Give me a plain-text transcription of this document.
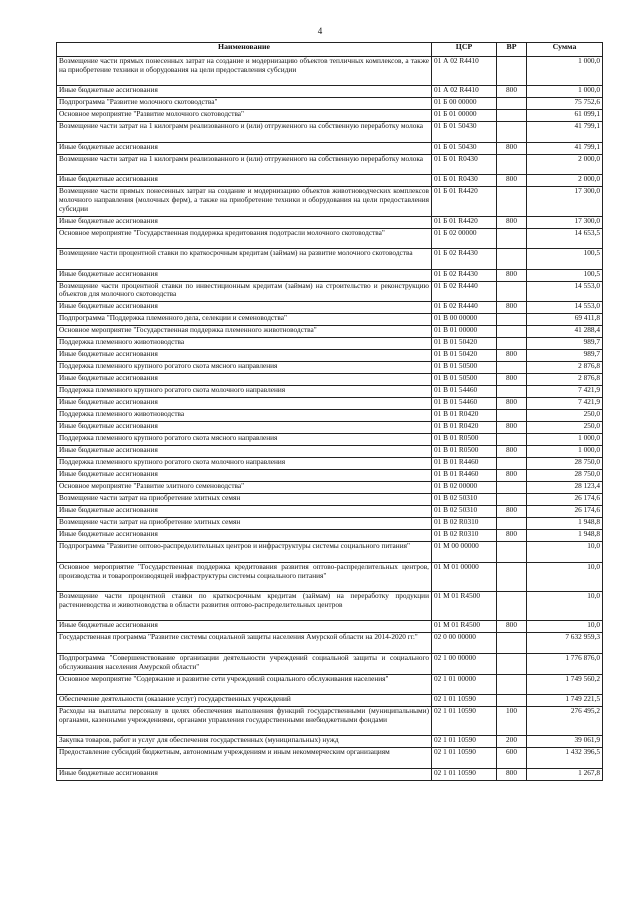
4
Наименование	ЦСР	ВР	Сумма
Возмещение части прямых понесенных затрат на создание и модернизацию объектов тепличных комплексов, а также на приобретение техники и оборудования на цели предоставления субсидии	01 А 02 R4410		1 000,0
Иные бюджетные ассигнования	01 А 02 R4410	800	1 000,0
Подпрограмма "Развитие молочного скотоводства"	01 Б 00 00000		75 752,6
Основное мероприятие "Развитие молочного скотоводства"	01 Б 01 00000		61 099,1
Возмещение части затрат на 1 килограмм реализованного и (или) отгруженного на собственную переработку молока	01 Б 01 50430		41 799,1
Иные бюджетные ассигнования	01 Б 01 50430	800	41 799,1
Возмещение части затрат на 1 килограмм реализованного и (или) отгруженного на собственную переработку молока	01 Б 01 R0430		2 000,0
Иные бюджетные ассигнования	01 Б 01 R0430	800	2 000,0
Возмещение части прямых понесенных затрат на создание и модернизацию объектов животноводческих комплексов молочного направления (молочных ферм), а также на приобретение техники и оборудования на цели предоставления субсидии	01 Б 01 R4420		17 300,0
Иные бюджетные ассигнования	01 Б 01 R4420	800	17 300,0
Основное мероприятие "Государственная поддержка кредитования подотрасли молочного скотоводства"	01 Б 02 00000		14 653,5
Возмещение части процентной ставки по краткосрочным кредитам (займам) на развитие молочного скотоводства	01 Б 02 R4430		100,5
Иные бюджетные ассигнования	01 Б 02 R4430	800	100,5
Возмещение части процентной ставки по инвестиционным кредитам (займам) на строительство и реконструкцию объектов для молочного скотоводства	01 Б 02 R4440		14 553,0
Иные бюджетные ассигнования	01 Б 02 R4440	800	14 553,0
Подпрограмма "Поддержка племенного дела, селекции и семеноводства"	01 В 00 00000		69 411,8
Основное мероприятие "Государственная поддержка племенного животноводства"	01 В 01 00000		41 288,4
Поддержка племенного животноводства	01 В 01 50420		989,7
Иные бюджетные ассигнования	01 В 01 50420	800	989,7
Поддержка племенного крупного рогатого скота мясного направления	01 В 01 50500		2 876,8
Иные бюджетные ассигнования	01 В 01 50500	800	2 876,8
Поддержка племенного крупного рогатого скота молочного направления	01 В 01 54460		7 421,9
Иные бюджетные ассигнования	01 В 01 54460	800	7 421,9
Поддержка племенного животноводства	01 В 01 R0420		250,0
Иные бюджетные ассигнования	01 В 01 R0420	800	250,0
Поддержка племенного крупного рогатого скота мясного направления	01 В 01 R0500		1 000,0
Иные бюджетные ассигнования	01 В 01 R0500	800	1 000,0
Поддержка племенного крупного рогатого скота молочного направления	01 В 01 R4460		28 750,0
Иные бюджетные ассигнования	01 В 01 R4460	800	28 750,0
Основное мероприятие "Развитие элитного семеноводства"	01 В 02 00000		28 123,4
Возмещение части затрат на приобретение элитных семян	01 В 02 50310		26 174,6
Иные бюджетные ассигнования	01 В 02 50310	800	26 174,6
Возмещение части затрат на приобретение элитных семян	01 В 02 R0310		1 948,8
Иные бюджетные ассигнования	01 В 02 R0310	800	1 948,8
Подпрограмма "Развитие оптово-распределительных центров и инфраструктуры системы социального питания"	01 М 00 00000		10,0
Основное мероприятие "Государственная поддержка кредитования развития оптово-распределительных центров, производства и товаропроизводящей инфраструктуры системы социального питания"	01 М 01 00000		10,0
Возмещение части процентной ставки по краткосрочным кредитам (займам) на переработку продукции растениеводства и животноводства в области развития оптово-распределительных центров	01 М 01 R4500		10,0
Иные бюджетные ассигнования	01 М 01 R4500	800	10,0
Государственная программа "Развитие системы социальной защиты населения Амурской области на 2014-2020 гг."	02 0 00 00000		7 632 959,3
Подпрограмма "Совершенствование организации деятельности учреждений социальной защиты и социального обслуживания населения Амурской области"	02 1 00 00000		1 776 876,0
Основное мероприятие "Содержание и развитие сети учреждений социального обслуживания населения"	02 1 01 00000		1 749 560,2
Обеспечение деятельности (оказание услуг) государственных учреждений	02 1 01 10590		1 749 221,5
Расходы на выплаты персоналу в целях обеспечения выполнения функций государственными (муниципальными) органами, казенными учреждениями, органами управления государственными внебюджетными фондами	02 1 01 10590	100	276 495,2
Закупка товаров, работ и услуг для обеспечения государственных (муниципальных) нужд	02 1 01 10590	200	39 061,9
Предоставление субсидий бюджетным, автономным учреждениям и иным некоммерческим организациям	02 1 01 10590	600	1 432 396,5
Иные бюджетные ассигнования	02 1 01 10590	800	1 267,8
